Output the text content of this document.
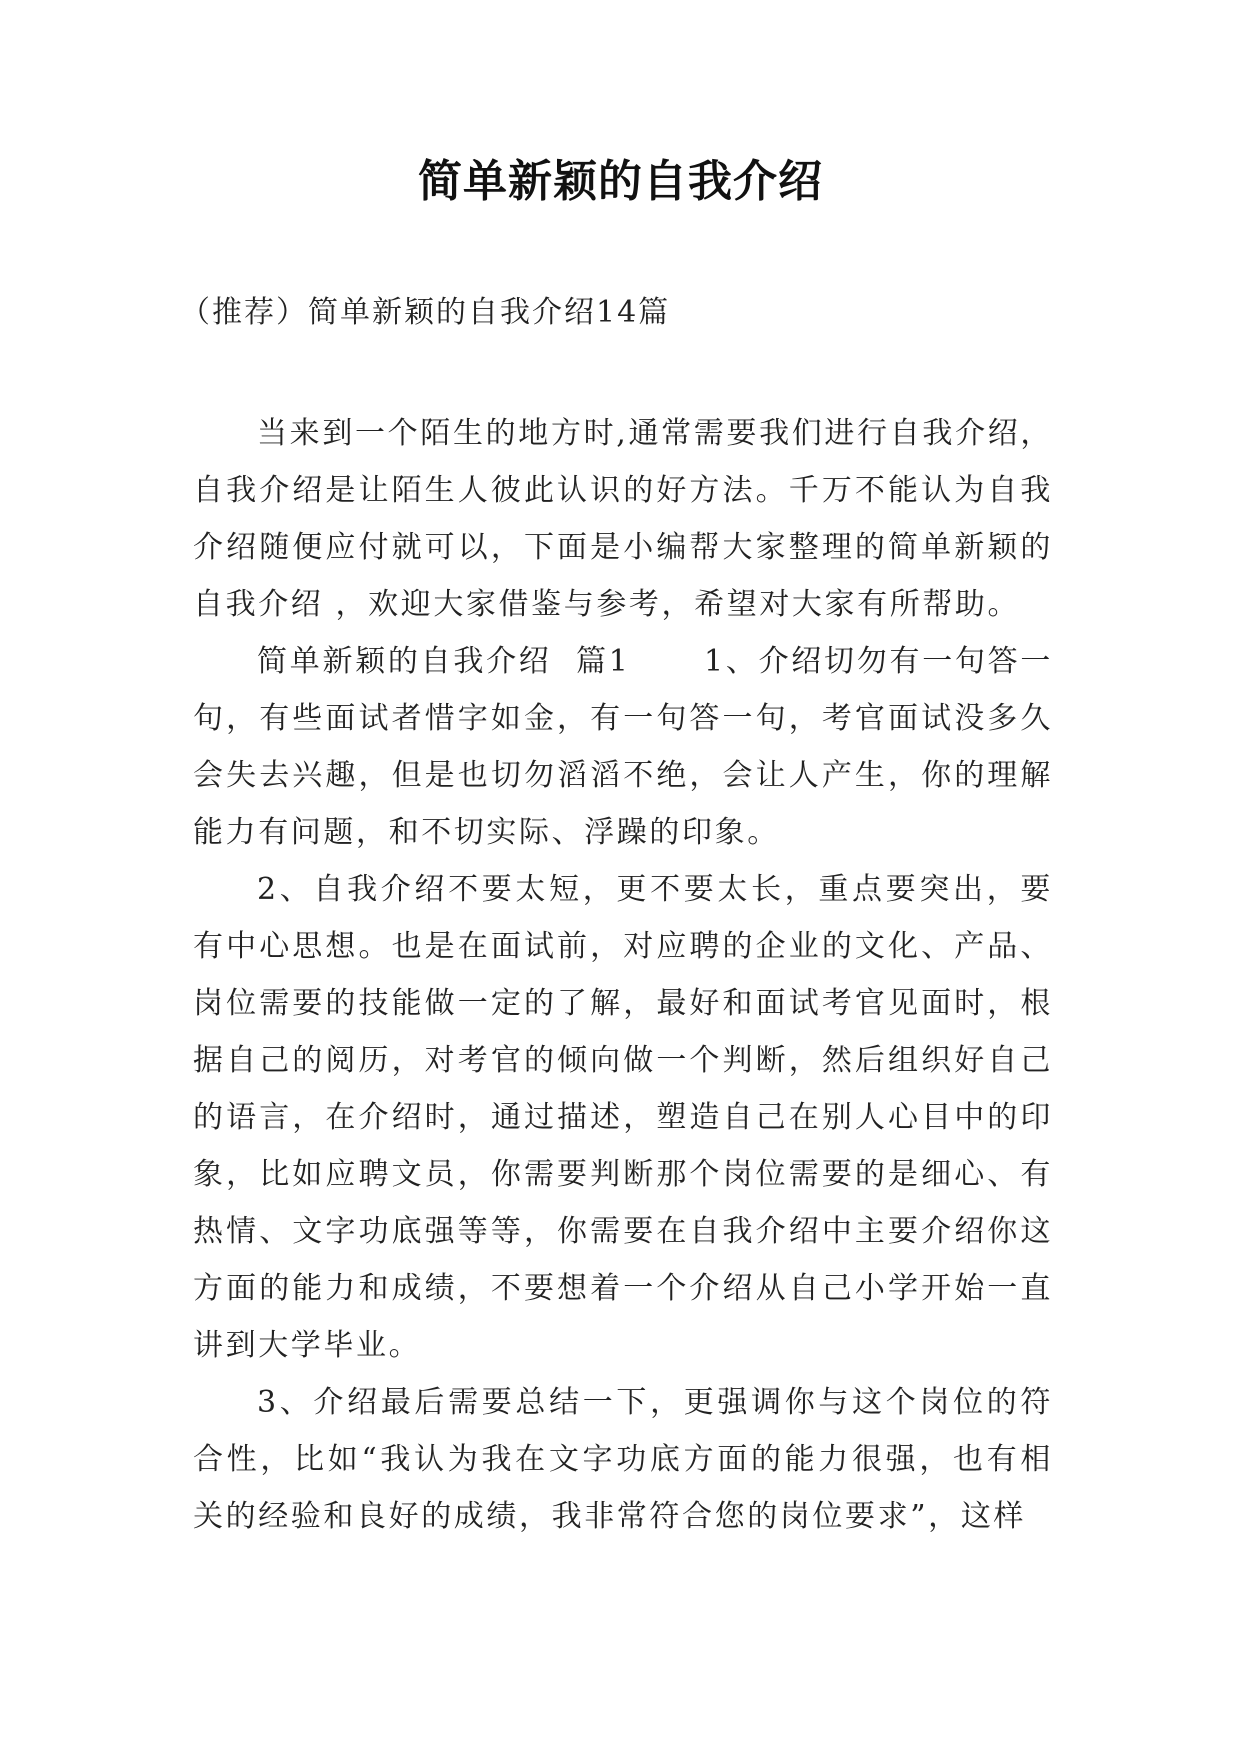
简单新颖的自我介绍
（推荐）简单新颖的自我介绍14篇

当来到一个陌生的地方时,通常需要我们进行自我介绍，自我介绍是让陌生人彼此认识的好方法。千万不能认为自我介绍随便应付就可以，下面是小编帮大家整理的简单新颖的自我介绍 ，欢迎大家借鉴与参考，希望对大家有所帮助。

简单新颖的自我介绍  篇1      1、介绍切勿有一句答一句，有些面试者惜字如金，有一句答一句，考官面试没多久会失去兴趣，但是也切勿滔滔不绝，会让人产生，你的理解能力有问题，和不切实际、浮躁的印象。

2、自我介绍不要太短，更不要太长，重点要突出，要有中心思想。也是在面试前，对应聘的企业的文化、产品、岗位需要的技能做一定的了解，最好和面试考官见面时，根据自己的阅历，对考官的倾向做一个判断，然后组织好自己的语言，在介绍时，通过描述，塑造自己在别人心目中的印象，比如应聘文员，你需要判断那个岗位需要的是细心、有热情、文字功底强等等，你需要在自我介绍中主要介绍你这方面的能力和成绩，不要想着一个介绍从自己小学开始一直讲到大学毕业。

3、介绍最后需要总结一下，更强调你与这个岗位的符合性，比如“我认为我在文字功底方面的能力很强，也有相关的经验和良好的成绩，我非常符合您的岗位要求”，这样
